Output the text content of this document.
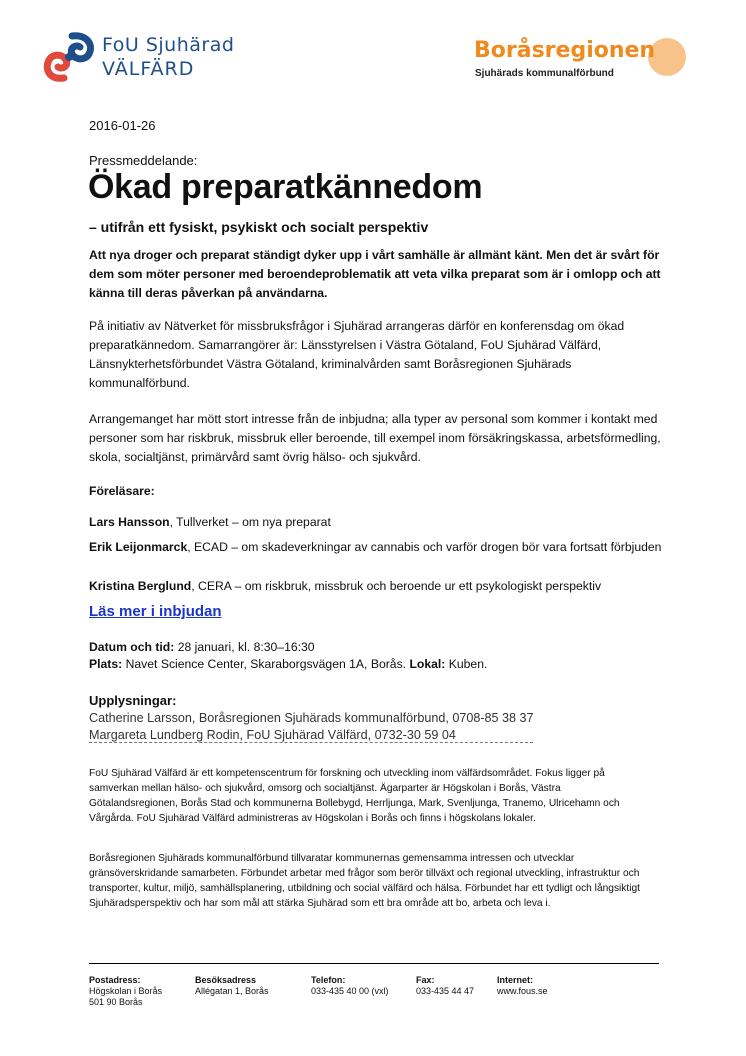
FoU Sjuhärad
VÄLFÄRD
Boråsregionen
Sjuhärads kommunalförbund
2016-01-26
Pressmeddelande:
Ökad preparatkännedom
– utifrån ett fysiskt, psykiskt och socialt perspektiv
Att nya droger och preparat ständigt dyker upp i vårt samhälle är allmänt känt. Men det är svårt för dem som möter personer med beroendeproblematik att veta vilka preparat som är i omlopp och att känna till deras påverkan på användarna.
På initiativ av Nätverket för missbruksfrågor i Sjuhärad arrangeras därför en konferensdag om ökad preparatkännedom. Samarrangörer är: Länsstyrelsen i Västra Götaland, FoU Sjuhärad Välfärd, Länsnykterhetsförbundet Västra Götaland, kriminalvården samt Boråsregionen Sjuhärads kommunalförbund.
Arrangemanget har mött stort intresse från de inbjudna; alla typer av personal som kommer i kontakt med personer som har riskbruk, missbruk eller beroende, till exempel inom försäkringskassa, arbetsförmedling, skola, socialtjänst, primärvård samt övrig hälso- och sjukvård.
Föreläsare:
Lars Hansson, Tullverket – om nya preparat
Erik Leijonmarck, ECAD – om skadeverkningar av cannabis och varför drogen bör vara fortsatt förbjuden
Kristina Berglund, CERA – om riskbruk, missbruk och beroende ur ett psykologiskt perspektiv
Läs mer i inbjudan
Datum och tid: 28 januari, kl. 8:30–16:30
Plats: Navet Science Center, Skaraborgsvägen 1A, Borås. Lokal: Kuben.
Upplysningar:
Catherine Larsson, Boråsregionen Sjuhärads kommunalförbund, 0708-85 38 37
Margareta Lundberg Rodin, FoU Sjuhärad Välfärd, 0732-30 59 04
FoU Sjuhärad Välfärd är ett kompetenscentrum för forskning och utveckling inom välfärdsområdet. Fokus ligger på samverkan mellan hälso- och sjukvård, omsorg och socialtjänst. Ägarparter är Högskolan i Borås, Västra Götalandsregionen, Borås Stad och kommunerna Bollebygd, Herrljunga, Mark, Svenljunga, Tranemo, Ulricehamn och Vårgårda. FoU Sjuhärad Välfärd administreras av Högskolan i Borås och finns i högskolans lokaler.
Boråsregionen Sjuhärads kommunalförbund tillvaratar kommunernas gemensamma intressen och utvecklar gränsöverskridande samarbeten. Förbundet arbetar med frågor som berör tillväxt och regional utveckling, infrastruktur och transporter, kultur, miljö, samhällsplanering, utbildning och social välfärd och hälsa. Förbundet har ett tydligt och långsiktigt Sjuhäradsperspektiv och har som mål att stärka Sjuhärad som ett bra område att bo, arbeta och leva i.
Postadress:
Högskolan i Borås
501 90 Borås
Besöksadress
Allégatan 1, Borås
Telefon:
033-435 40 00 (vxl)
Fax:
033-435 44 47
Internet:
www.fous.se
